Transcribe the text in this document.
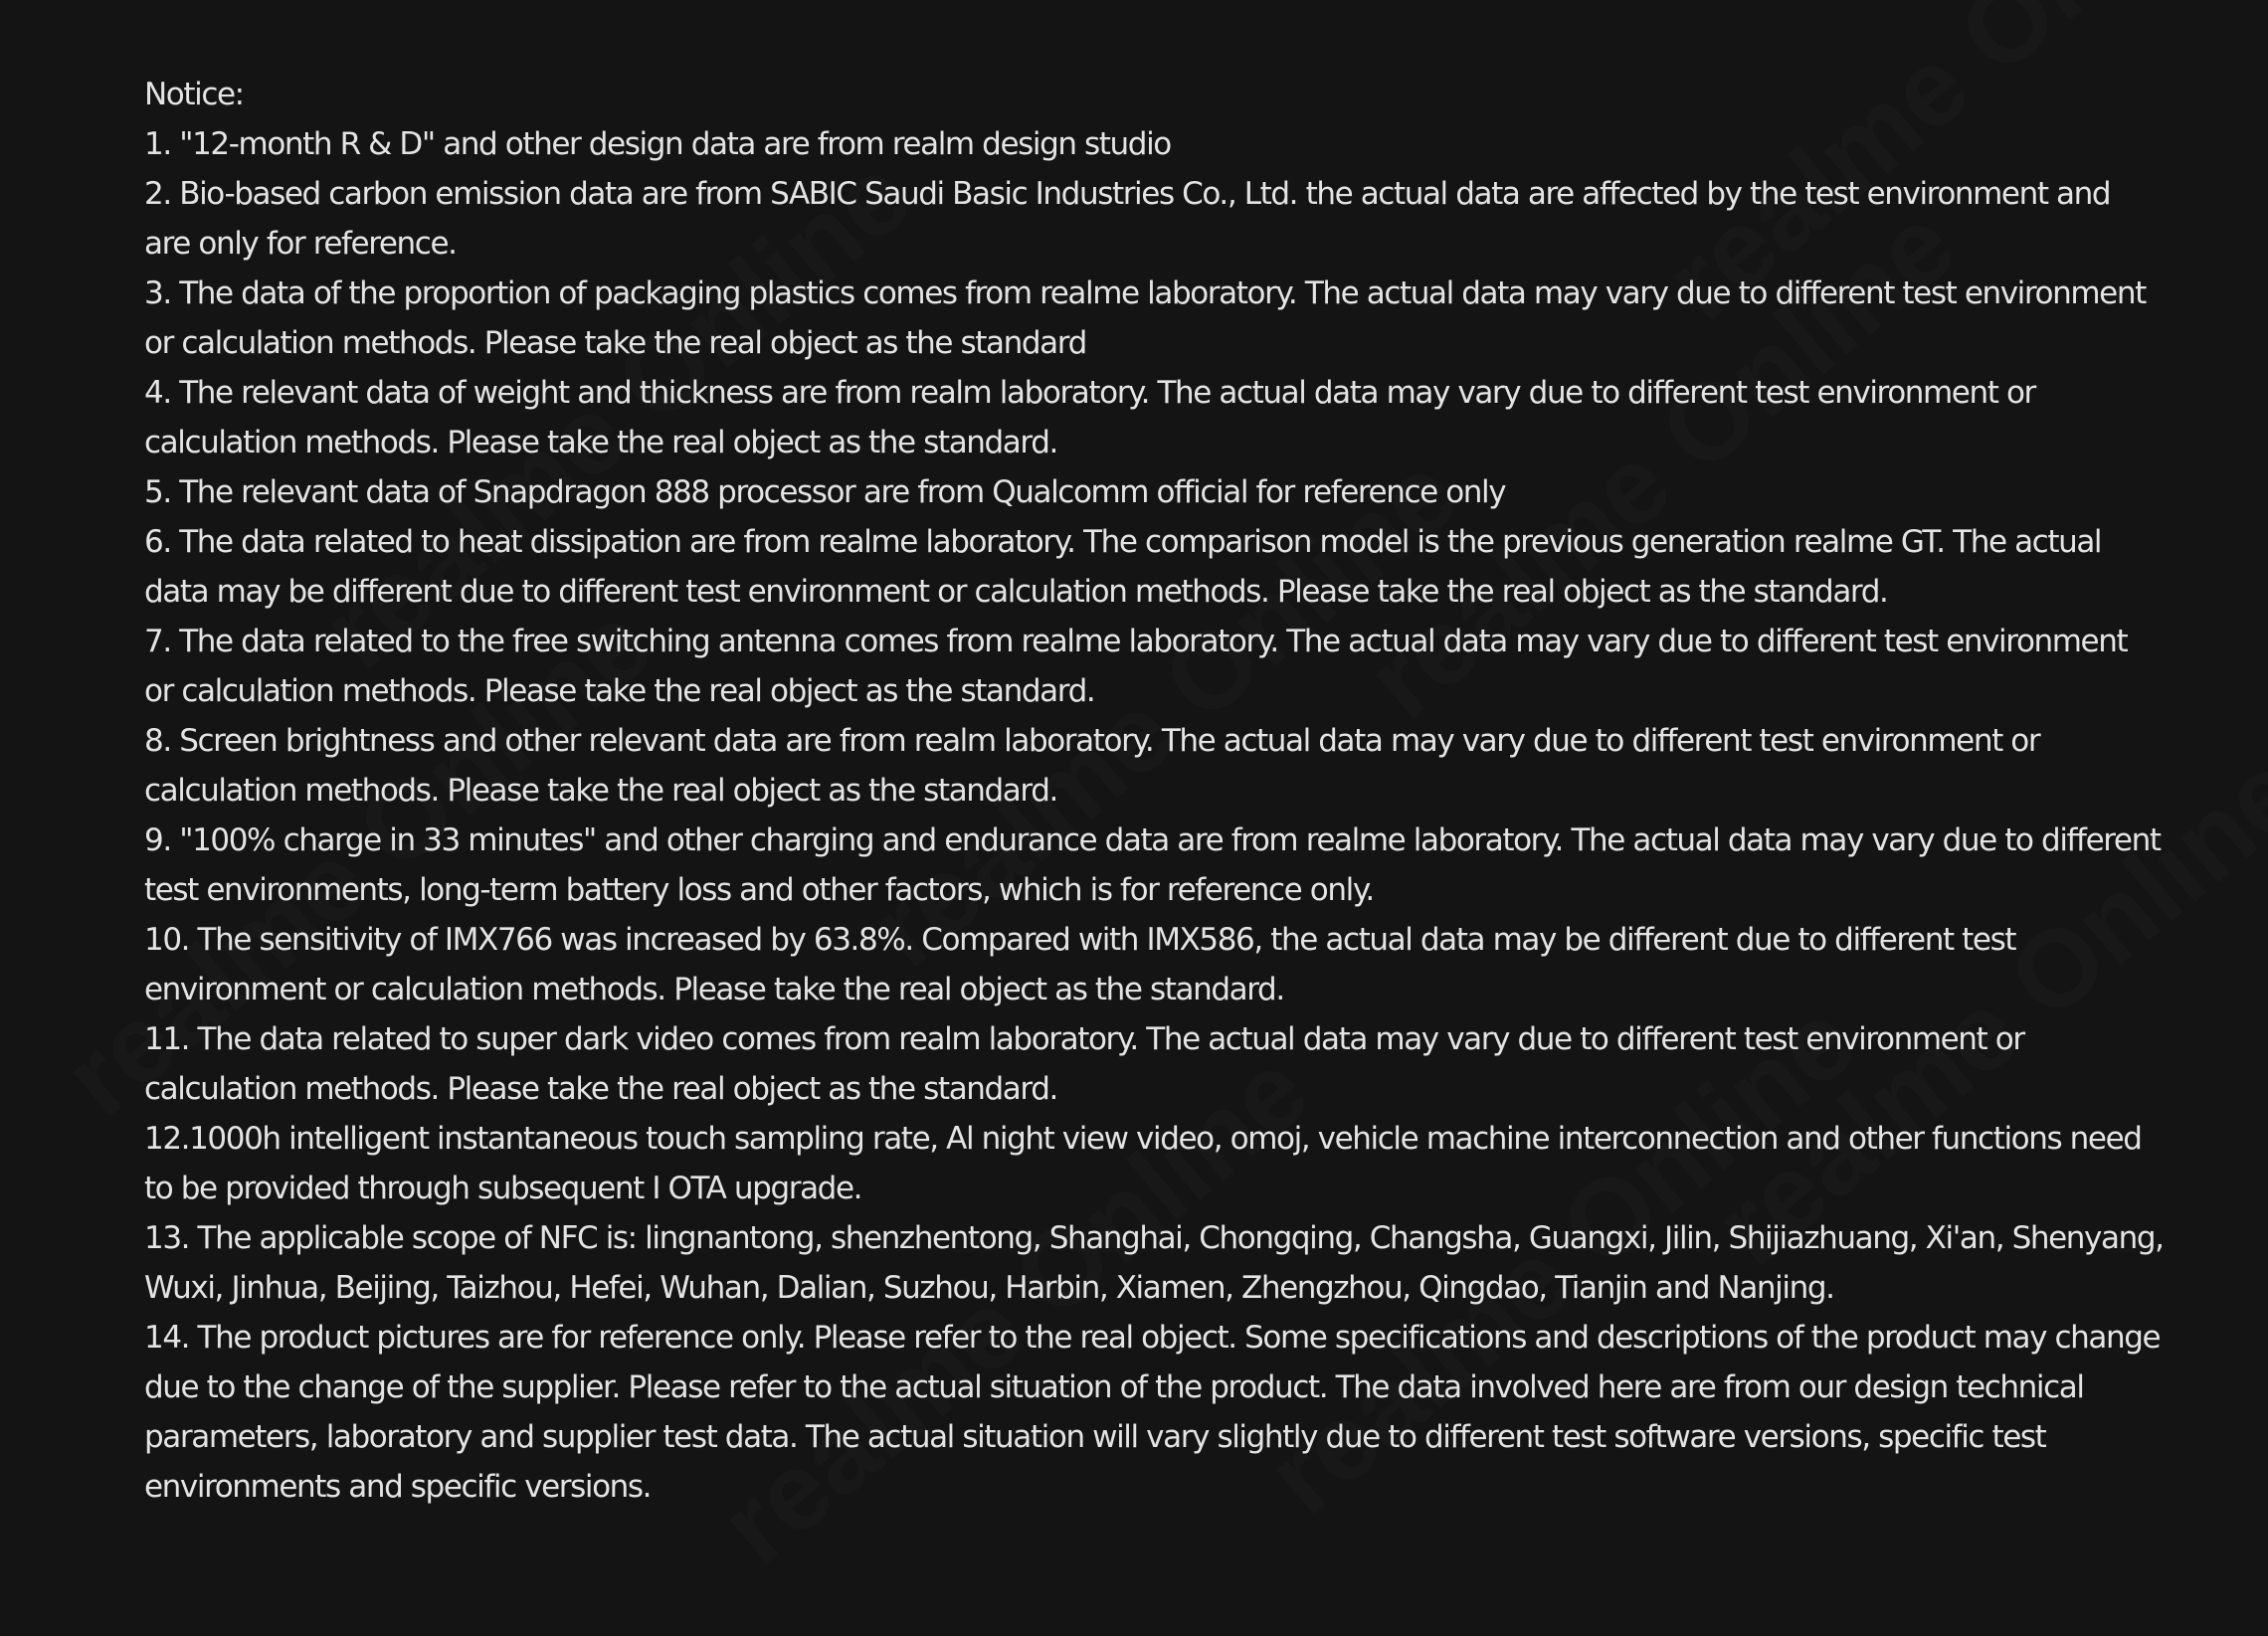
Notice:

1. "12-month R & D" and other design data are from realm design studio

2. Bio-based carbon emission data are from SABIC Saudi Basic Industries Co., Ltd. the actual data are affected by the test environment and are only for reference.

3. The data of the proportion of packaging plastics comes from realme laboratory. The actual data may vary due to different test environment or calculation methods. Please take the real object as the standard

4. The relevant data of weight and thickness are from realm laboratory. The actual data may vary due to different test environment or calculation methods. Please take the real object as the standard.

5. The relevant data of Snapdragon 888 processor are from Qualcomm official for reference only

6. The data related to heat dissipation are from realme laboratory. The comparison model is the previous generation realme GT. The actual data may be different due to different test environment or calculation methods. Please take the real object as the standard.

7. The data related to the free switching antenna comes from realme laboratory. The actual data may vary due to different test environment or calculation methods. Please take the real object as the standard.

8. Screen brightness and other relevant data are from realm laboratory. The actual data may vary due to different test environment or calculation methods. Please take the real object as the standard.

9. "100% charge in 33 minutes" and other charging and endurance data are from realme laboratory. The actual data may vary due to different test environments, long-term battery loss and other factors, which is for reference only.

10. The sensitivity of IMX766 was increased by 63.8%. Compared with IMX586, the actual data may be different due to different test environment or calculation methods. Please take the real object as the standard.

11. The data related to super dark video comes from realm laboratory. The actual data may vary due to different test environment or calculation methods. Please take the real object as the standard.

12.1000h intelligent instantaneous touch sampling rate, Al night view video, omoj, vehicle machine interconnection and other functions need to be provided through subsequent I OTA upgrade.

13. The applicable scope of NFC is: lingnantong, shenzhentong, Shanghai, Chongqing, Changsha, Guangxi, Jilin, Shijiazhuang, Xi'an, Shenyang, Wuxi, Jinhua, Beijing, Taizhou, Hefei, Wuhan, Dalian, Suzhou, Harbin, Xiamen, Zhengzhou, Qingdao, Tianjin and Nanjing.

14. The product pictures are for reference only. Please refer to the real object. Some specifications and descriptions of the product may change due to the change of the supplier. Please refer to the actual situation of the product. The data involved here are from our design technical parameters, laboratory and supplier test data. The actual situation will vary slightly due to different test software versions, specific test environments and specific versions.
